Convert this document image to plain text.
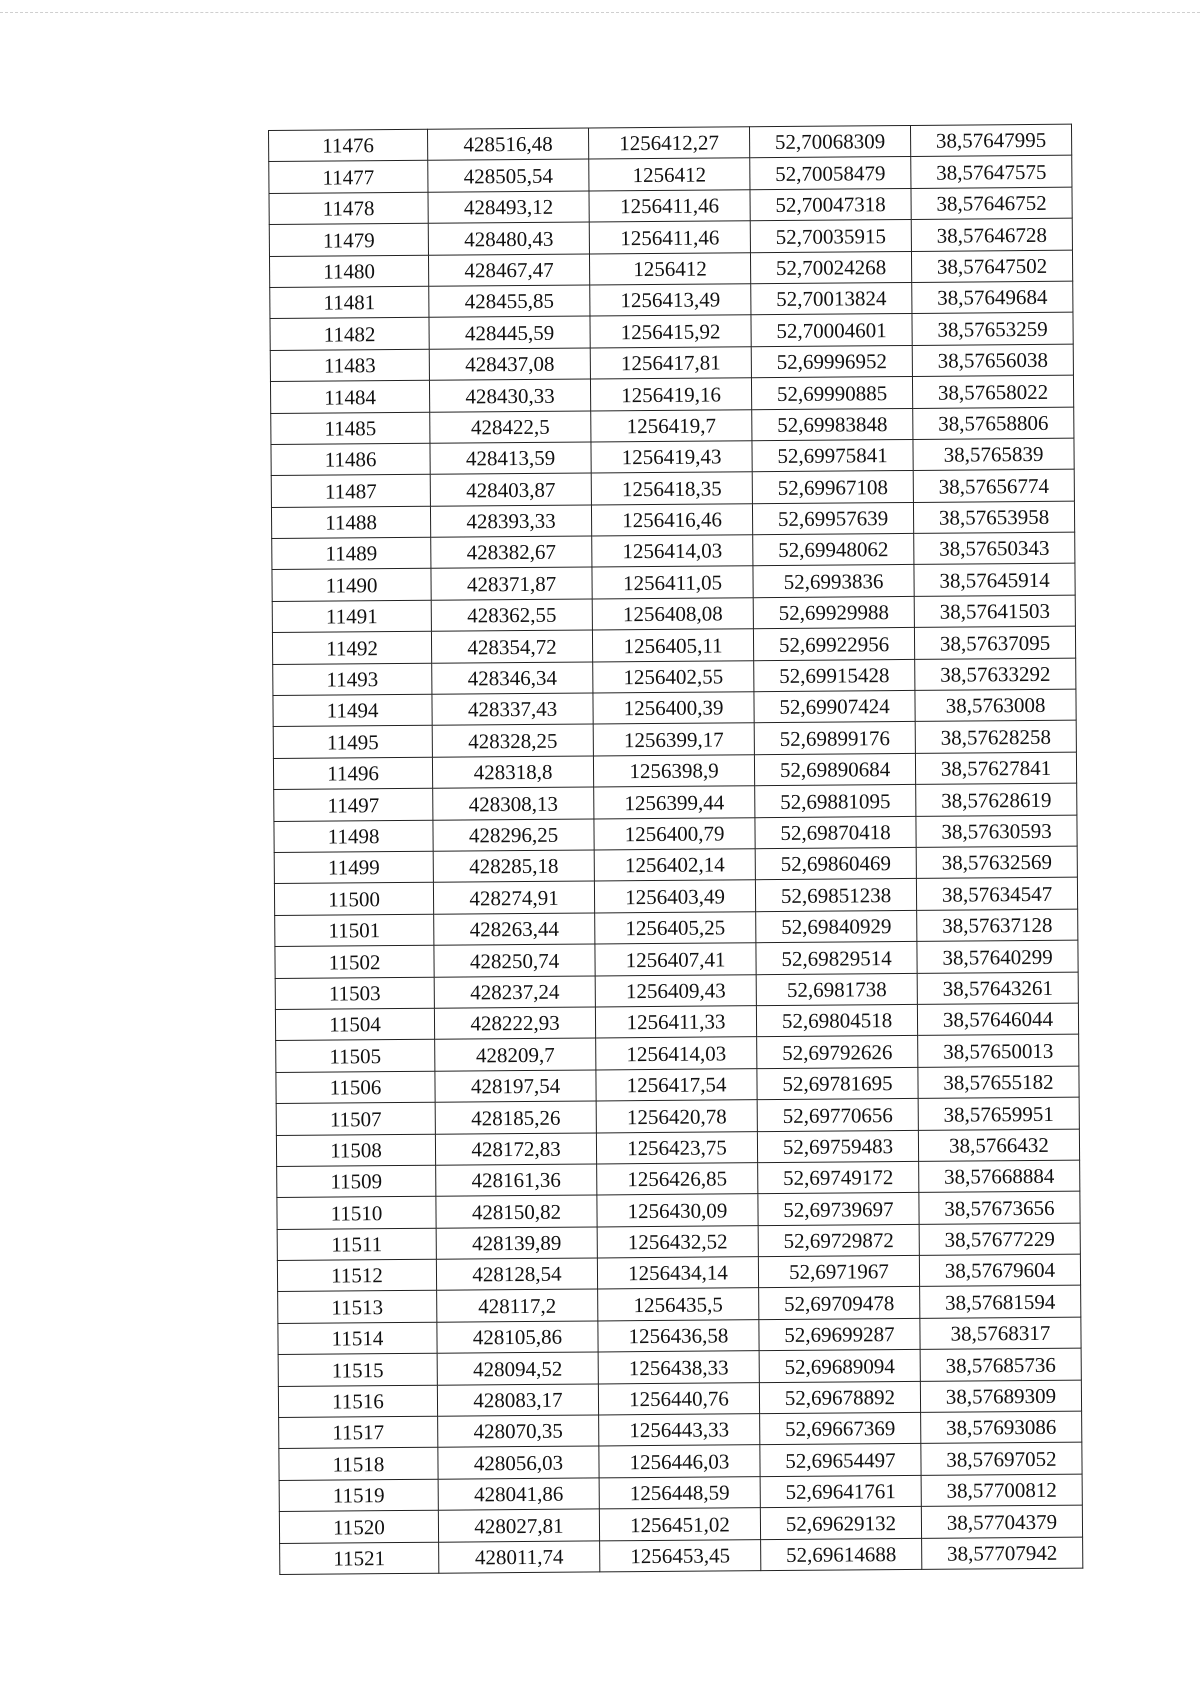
11476	428516,48	1256412,27	52,70068309	38,57647995
11477	428505,54	1256412	52,70058479	38,57647575
11478	428493,12	1256411,46	52,70047318	38,57646752
11479	428480,43	1256411,46	52,70035915	38,57646728
11480	428467,47	1256412	52,70024268	38,57647502
11481	428455,85	1256413,49	52,70013824	38,57649684
11482	428445,59	1256415,92	52,70004601	38,57653259
11483	428437,08	1256417,81	52,69996952	38,57656038
11484	428430,33	1256419,16	52,69990885	38,57658022
11485	428422,5	1256419,7	52,69983848	38,57658806
11486	428413,59	1256419,43	52,69975841	38,5765839
11487	428403,87	1256418,35	52,69967108	38,57656774
11488	428393,33	1256416,46	52,69957639	38,57653958
11489	428382,67	1256414,03	52,69948062	38,57650343
11490	428371,87	1256411,05	52,6993836	38,57645914
11491	428362,55	1256408,08	52,69929988	38,57641503
11492	428354,72	1256405,11	52,69922956	38,57637095
11493	428346,34	1256402,55	52,69915428	38,57633292
11494	428337,43	1256400,39	52,69907424	38,5763008
11495	428328,25	1256399,17	52,69899176	38,57628258
11496	428318,8	1256398,9	52,69890684	38,57627841
11497	428308,13	1256399,44	52,69881095	38,57628619
11498	428296,25	1256400,79	52,69870418	38,57630593
11499	428285,18	1256402,14	52,69860469	38,57632569
11500	428274,91	1256403,49	52,69851238	38,57634547
11501	428263,44	1256405,25	52,69840929	38,57637128
11502	428250,74	1256407,41	52,69829514	38,57640299
11503	428237,24	1256409,43	52,6981738	38,57643261
11504	428222,93	1256411,33	52,69804518	38,57646044
11505	428209,7	1256414,03	52,69792626	38,57650013
11506	428197,54	1256417,54	52,69781695	38,57655182
11507	428185,26	1256420,78	52,69770656	38,57659951
11508	428172,83	1256423,75	52,69759483	38,5766432
11509	428161,36	1256426,85	52,69749172	38,57668884
11510	428150,82	1256430,09	52,69739697	38,57673656
11511	428139,89	1256432,52	52,69729872	38,57677229
11512	428128,54	1256434,14	52,6971967	38,57679604
11513	428117,2	1256435,5	52,69709478	38,57681594
11514	428105,86	1256436,58	52,69699287	38,5768317
11515	428094,52	1256438,33	52,69689094	38,57685736
11516	428083,17	1256440,76	52,69678892	38,57689309
11517	428070,35	1256443,33	52,69667369	38,57693086
11518	428056,03	1256446,03	52,69654497	38,57697052
11519	428041,86	1256448,59	52,69641761	38,57700812
11520	428027,81	1256451,02	52,69629132	38,57704379
11521	428011,74	1256453,45	52,69614688	38,57707942
